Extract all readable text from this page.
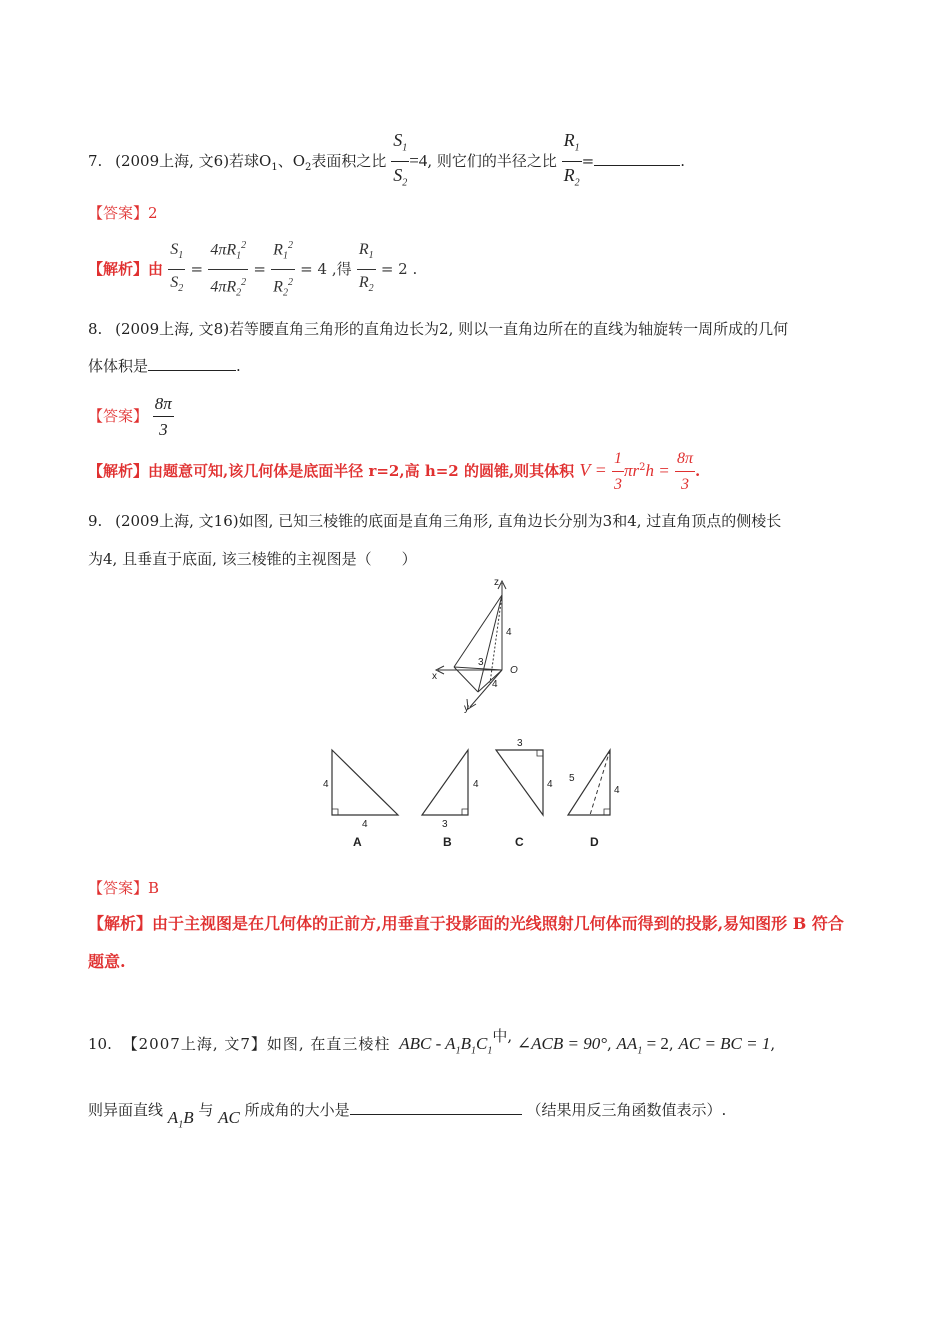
7. (2009上海, 文6)若球$O_1$、$O_2$表面积之比 $\frac{S_1}{S_2} =4$, 则它们的半径之比 $\frac{R_1}{R_2}$ =	.
【答案】2
【解析】由 $\frac{S_1}{S_2} = \frac{4\pi R_1^2}{4\pi R_2^2} = \frac{R_1^2}{R_2^2} = 4$ ,得 $\frac{R_1}{R_2} = 2$ .
8. (2009上海, 文8)若等腰直角三角形的直角边长为2, 则以一直角边所在的直线为轴旋转一周所成的几何
体体积是	.
【答案】 $\frac{8\pi}{3}$
【解析】由题意可知,该几何体是底面半径 r=2,高 h=2 的圆锥,则其体积 $V = \frac{1}{3} \pi r^2h = \frac{8\pi}{3}$ .
9. (2009上海, 文16)如图, 已知三棱锥的底面是直角三角形, 直角边长分别为3和4, 过直角顶点的侧棱长
为4, 且垂直于底面, 该三棱锥的主视图是（　　）
z
x
y
O
4
3
4
4
4
A
4
3
B
4
3
C
4
5
D
【答案】B
【解析】由于主视图是在几何体的正前方,用垂直于投影面的光线照射几何体而得到的投影,易知图形 B 符合
题意.
10. 【2007上海, 文7】如图, 在直三棱柱 ABC - $A_1B_1C_1$中, ∠ACB = 90°, $AA_1 = 2$, AC = BC = 1,
则异面直线 $A_1B$ 与 AC 所成角的大小是	（结果用反三角函数值表示）.
